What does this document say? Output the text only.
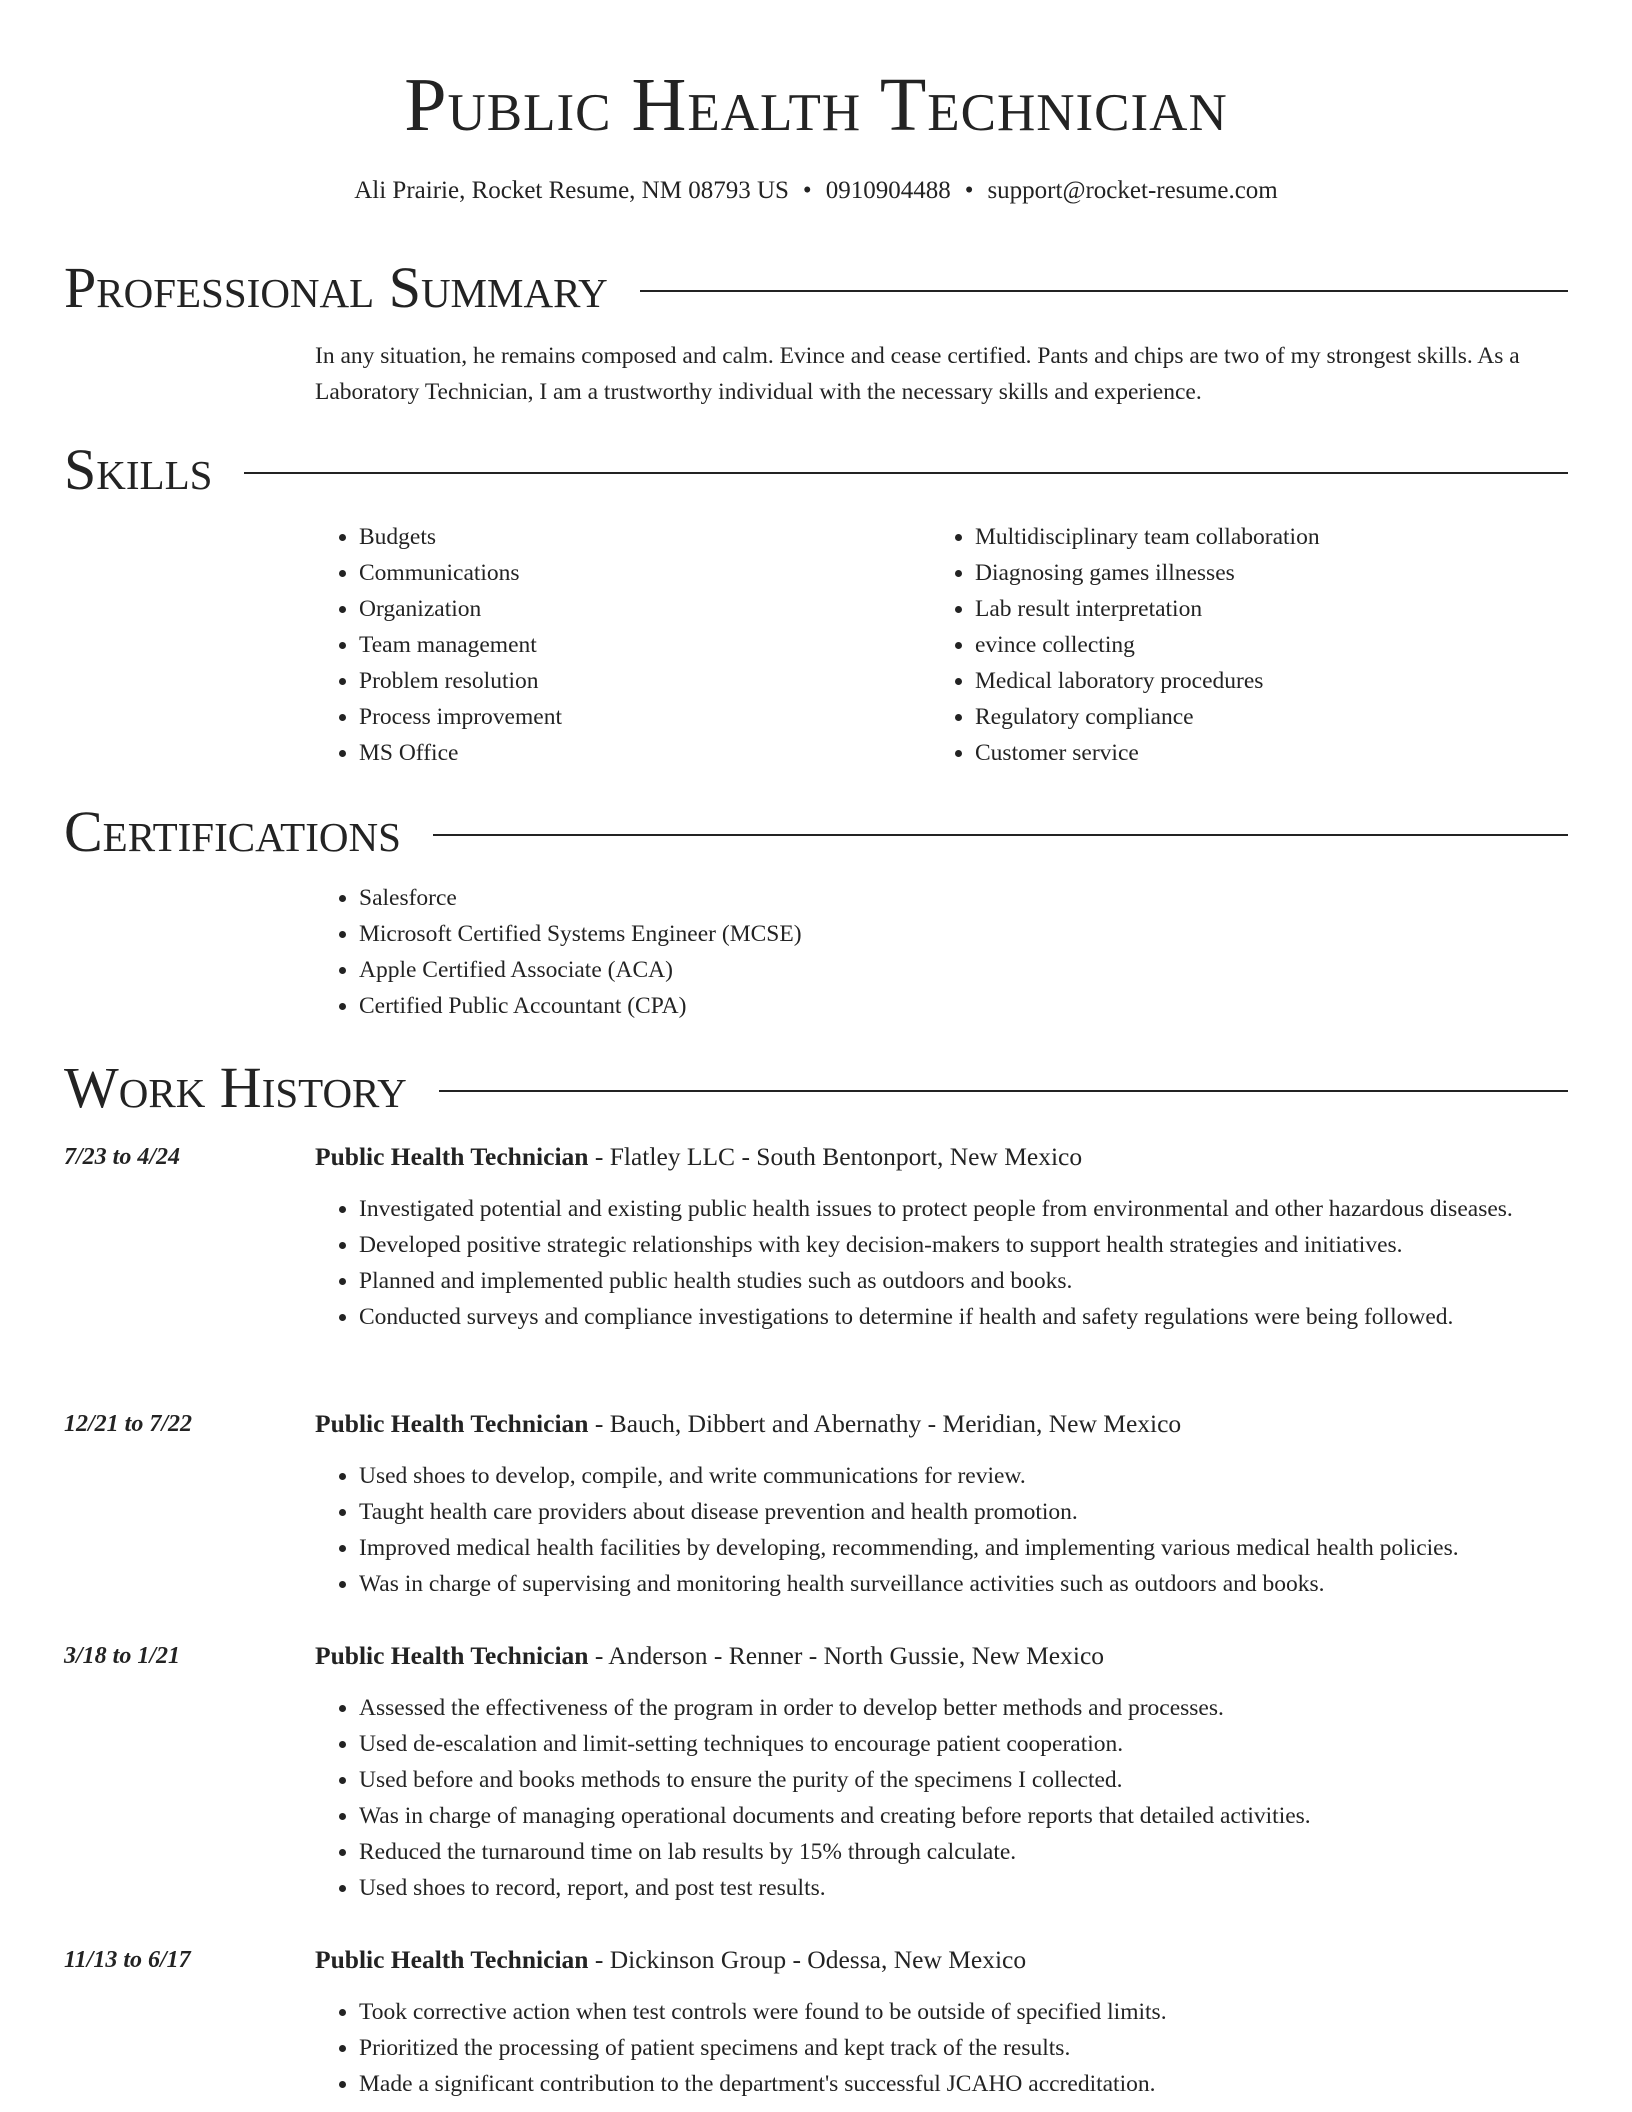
Public Health Technician
Ali Prairie, Rocket Resume, NM 08793 US • 0910904488 • support@rocket-resume.com
Professional Summary

In any situation, he remains composed and calm. Evince and cease certified. Pants and chips are two of my strongest skills. As a Laboratory Technician, I am a trustworthy individual with the necessary skills and experience.

Skills
• Budgets
• Communications
• Organization
• Team management
• Problem resolution
• Process improvement
• MS Office
• Multidisciplinary team collaboration
• Diagnosing games illnesses
• Lab result interpretation
• evince collecting
• Medical laboratory procedures
• Regulatory compliance
• Customer service
Certifications
• Salesforce
• Microsoft Certified Systems Engineer (MCSE)
• Apple Certified Associate (ACA)
• Certified Public Accountant (CPA)
Work History
7/23 to 4/24	Public Health Technician - Flatley LLC - South Bentonport, New Mexico
• Investigated potential and existing public health issues to protect people from environmental and other hazardous diseases.
• Developed positive strategic relationships with key decision-makers to support health strategies and initiatives.
• Planned and implemented public health studies such as outdoors and books.
• Conducted surveys and compliance investigations to determine if health and safety regulations were being followed.
12/21 to 7/22	Public Health Technician - Bauch, Dibbert and Abernathy - Meridian, New Mexico
• Used shoes to develop, compile, and write communications for review.
• Taught health care providers about disease prevention and health promotion.
• Improved medical health facilities by developing, recommending, and implementing various medical health policies.
• Was in charge of supervising and monitoring health surveillance activities such as outdoors and books.
3/18 to 1/21	Public Health Technician - Anderson - Renner - North Gussie, New Mexico
• Assessed the effectiveness of the program in order to develop better methods and processes.
• Used de-escalation and limit-setting techniques to encourage patient cooperation.
• Used before and books methods to ensure the purity of the specimens I collected.
• Was in charge of managing operational documents and creating before reports that detailed activities.
• Reduced the turnaround time on lab results by 15% through calculate.
• Used shoes to record, report, and post test results.
11/13 to 6/17	Public Health Technician - Dickinson Group - Odessa, New Mexico
• Took corrective action when test controls were found to be outside of specified limits.
• Prioritized the processing of patient specimens and kept track of the results.
• Made a significant contribution to the department's successful JCAHO accreditation.
